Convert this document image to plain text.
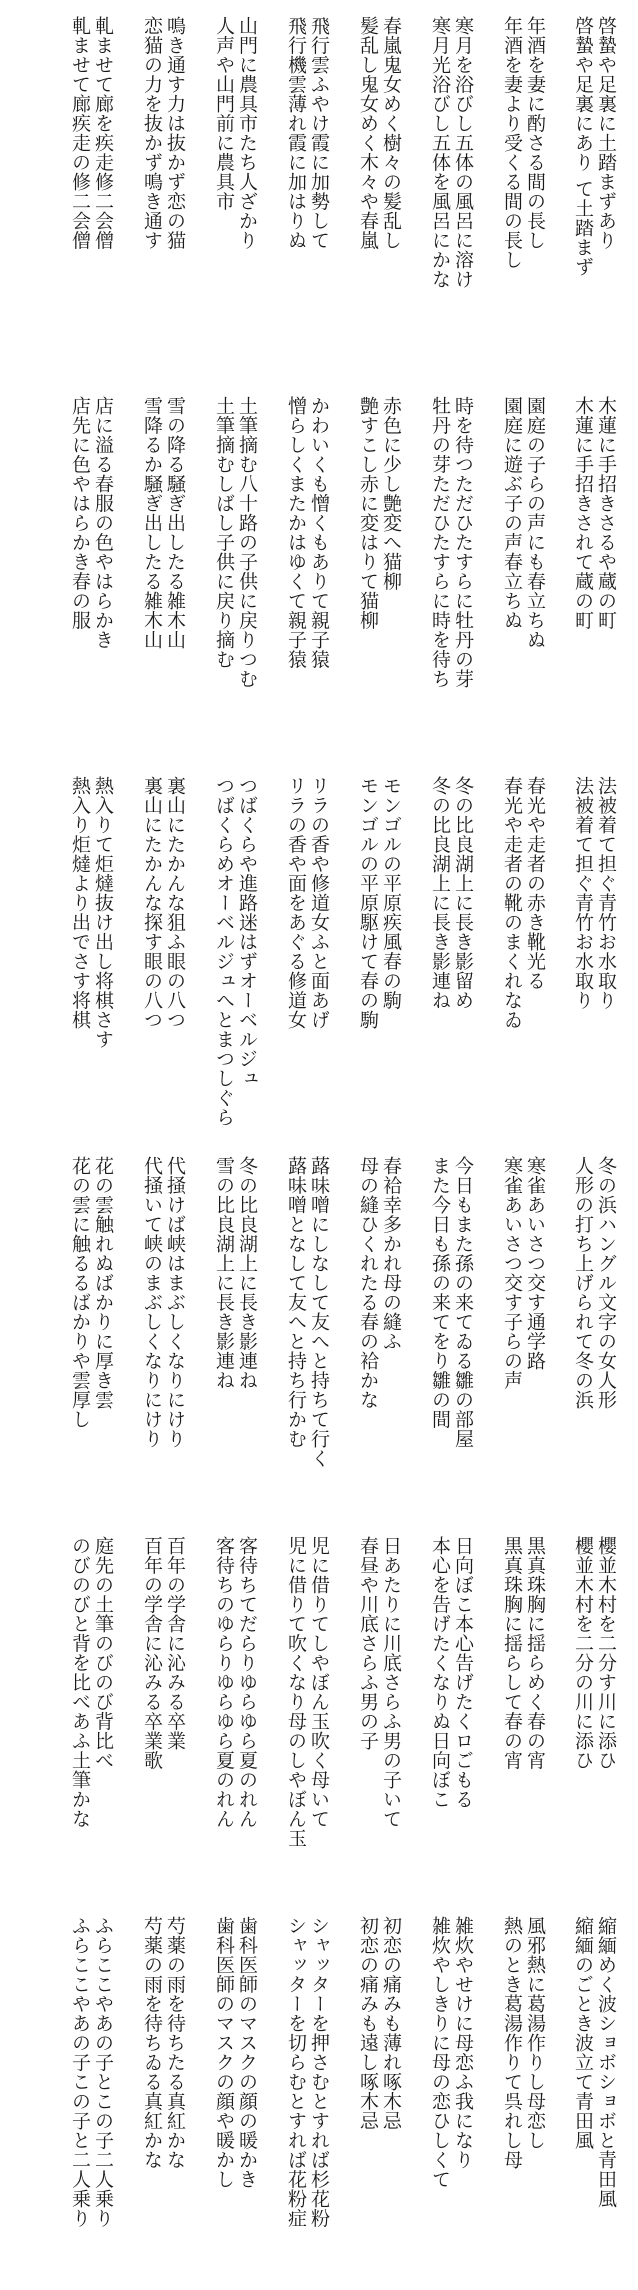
啓蟄や足裏に土踏まずあり
啓蟄や足裏にあり て土踏まず
年酒を妻に酌さる間の長し
年酒を妻より受くる間の長し
寒月を浴びし五体の風呂に溶け
寒月光浴びし五体を風呂にかな
春嵐鬼女めく樹々の髪乱し
髪乱し鬼女めく木々や春嵐
飛行雲ふやけ霞に加勢して
飛行機雲薄れ霞に加はりぬ
山門に農具市たち人ざかり
人声や山門前に農具市
鳴き通す力は抜かず恋の猫
恋猫の力を抜かず鳴き通す
軋ませて廊を疾走修二会僧
軋ませて廊疾走の修二会僧
木蓮に手招きさるや蔵の町
木蓮に手招きされて蔵の町
園庭の子らの声にも春立ちぬ
園庭に遊ぶ子の声春立ちぬ
時を待つただひたすらに牡丹の芽
牡丹の芽ただひたすらに時を待ち
赤色に少し艶変へ猫柳
艶すこし赤に変はりて猫柳
かわいくも憎くもありて親子猿
憎らしくまたかはゆくて親子猿
土筆摘む八十路の子供に戻りつむ
土筆摘むしばし子供に戻り摘む
雪の降る騒ぎ出したる雑木山
雪降るか騒ぎ出したる雑木山
店に溢る春服の色やはらかき
店先に色やはらかき春の服
法被着て担ぐ青竹お水取り
法被着て担ぐ青竹お水取り
春光や走者の赤き靴光る
春光や走者の靴のまくれなゐ
冬の比良湖上に長き影留め
冬の比良湖上に長き影連ね
モンゴルの平原疾風春の駒
モンゴルの平原駆けて春の駒
リラの香や修道女ふと面あげ
リラの香や面をあぐる修道女
つばくらや進路迷はずオーベルジュ
つばくらめオーベルジュへとまつしぐら
裏山にたかんな狙ふ眼の八つ
裏山にたかんな探す眼の八つ
熱入りて炬燵抜け出し将棋さす
熱入り炬燵より出でさす将棋
冬の浜ハングル文字の女人形
人形の打ち上げられて冬の浜
寒雀あいさつ交す通学路
寒雀あいさつ交す子らの声
今日もまた孫の来てゐる雛の部屋
また今日も孫の来てをり雛の間
春袷幸多かれ母の縫ふ
母の縫ひくれたる春の袷かな
蕗味噌にしなして友へと持ちて行く
蕗味噌となして友へと持ち行かむ
冬の比良湖上に長き影連ね
雪の比良湖上に長き影連ね
代掻けば峡はまぶしくなりにけり
代掻いて峡のまぶしくなりにけり
花の雲触れぬばかりに厚き雲
花の雲に触るるばかりや雲厚し
櫻並木村を二分す川に添ひ
櫻並木村を二分の川に添ひ
黒真珠胸に揺らめく春の宵
黒真珠胸に揺らして春の宵
日向ぼこ本心告げたくロごもる
本心を告げたくなりぬ日向ぼこ
日あたりに川底さらふ男の子いて
春昼や川底さらふ男の子
児に借りてしやぼん玉吹く母いて
児に借りて吹くなり母のしやぼん玉
客待ちてだらりゆらゆら夏のれん
客待ちのゆらりゆらゆら夏のれん
百年の学舎に沁みる卒業
百年の学舎に沁みる卒業歌
庭先の土筆のびのび背比べ
のびのびと背を比べあふ土筆かな
縮緬めく波ショボショボと青田風
縮緬のごとき波立て青田風
風邪熱に葛湯作りし母恋し
熱のとき葛湯作りて呉れし母
雑炊やせけに母恋ふ我になり
雑炊やしきりに母の恋ひしくて
初恋の痛みも薄れ啄木忌
初恋の痛みも遠し啄木忌
シャッターを押さむとすれば杉花粉
シャッターを切らむとすれば花粉症
歯科医師のマスクの顔の暖かき
歯科医師のマスクの顔や暖かし
芍薬の雨を待ちたる真紅かな
芍薬の雨を待ちゐる真紅かな
ふらここやあの子とこの子二人乗り
ふらここやあの子この子と二人乗り
